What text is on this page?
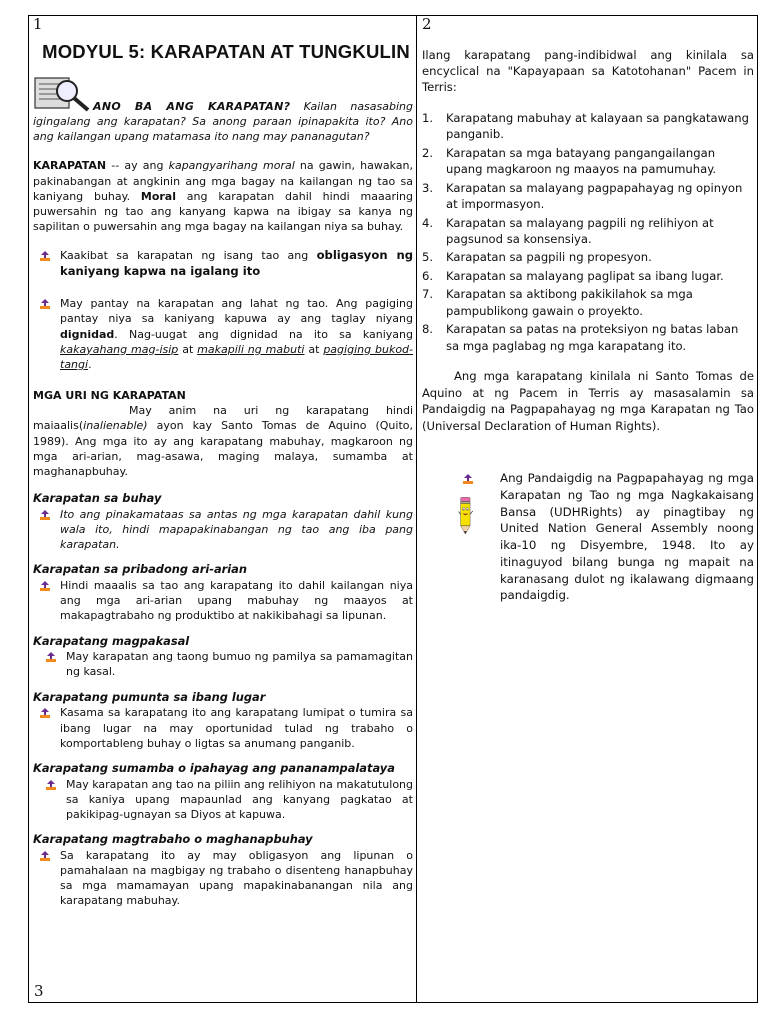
1
MODYUL 5: KARAPATAN AT TUNGKULIN

ANO BA ANG KARAPATAN? Kailan nasasabing igingalang ang karapatan? Sa anong paraan ipinapakita ito? Ano ang kailangan upang matamasa ito nang may pananagutan?

KARAPATAN -- ay ang kapangyarihang moral na gawin, hawakan, pakinabangan at angkinin ang mga bagay na kailangan ng tao sa kaniyang buhay. Moral ang karapatan dahil hindi maaaring puwersahin ng tao ang kanyang kapwa na ibigay sa kanya ng sapilitan o puwersahin ang mga bagay na kailangan niya sa buhay.

Kaakibat sa karapatan ng isang tao ang obligasyon ng kaniyang kapwa na igalang ito

May pantay na karapatan ang lahat ng tao. Ang pagiging pantay niya sa kaniyang kapuwa ay ang taglay niyang dignidad. Nag-uugat ang dignidad na ito sa kaniyang kakayahang mag-isip at makapili ng mabuti at pagiging bukod-tangi.

MGA URI NG KARAPATAN

May anim na uri ng karapatang hindi maiaalis(inalienable) ayon kay Santo Tomas de Aquino (Quito, 1989). Ang mga ito ay ang karapatang mabuhay, magkaroon ng mga ari-arian, mag-asawa, maging malaya, sumamba at maghanapbuhay.

Karapatan sa buhay

Ito ang pinakamataas sa antas ng mga karapatan dahil kung wala ito, hindi mapapakinabangan ng tao ang iba pang karapatan.

Karapatan sa pribadong ari-arian

Hindi maaalis sa tao ang karapatang ito dahil kailangan niya ang mga ari-arian upang mabuhay ng maayos at makapagtrabaho ng produktibo at nakikibahagi sa lipunan.

Karapatang magpakasal

May karapatan ang taong bumuo ng pamilya sa pamamagitan ng kasal.

Karapatang pumunta sa ibang lugar

Kasama sa karapatang ito ang karapatang lumipat o tumira sa ibang lugar na may oportunidad tulad ng trabaho o komportableng buhay o ligtas sa anumang panganib.

Karapatang sumamba o ipahayag ang pananampalataya

May karapatan ang tao na piliin ang relihiyon na makatutulong sa kaniya upang mapaunlad ang kanyang pagkatao at pakikipag-ugnayan sa Diyos at kapuwa.

Karapatang magtrabaho o maghanapbuhay

Sa karapatang ito ay may obligasyon ang lipunan o pamahalaan na magbigay ng trabaho o disenteng hanapbuhay sa mga mamamayan upang mapakinabanangan nila ang karapatang mabuhay.

2

Ilang karapatang pang-indibidwal ang kinilala sa encyclical na "Kapayapaan sa Katotohanan" Pacem in Terris:

1.	Karapatang mabuhay at kalayaan sa pangkatawang panganib.
2.	Karapatan sa mga batayang pangangailangan upang magkaroon ng maayos na pamumuhay.
3.	Karapatan sa malayang pagpapahayag ng opinyon at impormasyon.
4.	Karapatan sa malayang pagpili ng relihiyon at pagsunod sa konsensiya.
5.	Karapatan sa pagpili ng propesyon.
6.	Karapatan sa malayang paglipat sa ibang lugar.
7.	Karapatan sa aktibong pakikilahok sa mga pampublikong gawain o proyekto.
8.	Karapatan sa patas na proteksiyon ng batas laban sa mga paglabag ng mga karapatang ito.

Ang mga karapatang kinilala ni Santo Tomas de Aquino at ng Pacem in Terris ay masasalamin sa Pandaigdig na Pagpapahayag ng mga Karapatan ng Tao (Universal Declaration of Human Rights).

Ang Pandaigdig na Pagpapahayag ng mga Karapatan ng Tao ng mga Nagkakaisang Bansa (UDHRights) ay pinagtibay ng United Nation General Assembly noong ika-10 ng Disyembre, 1948. Ito ay itinaguyod bilang bunga ng mapait na karanasang dulot ng ikalawang digmaang pandaigdig.

3
